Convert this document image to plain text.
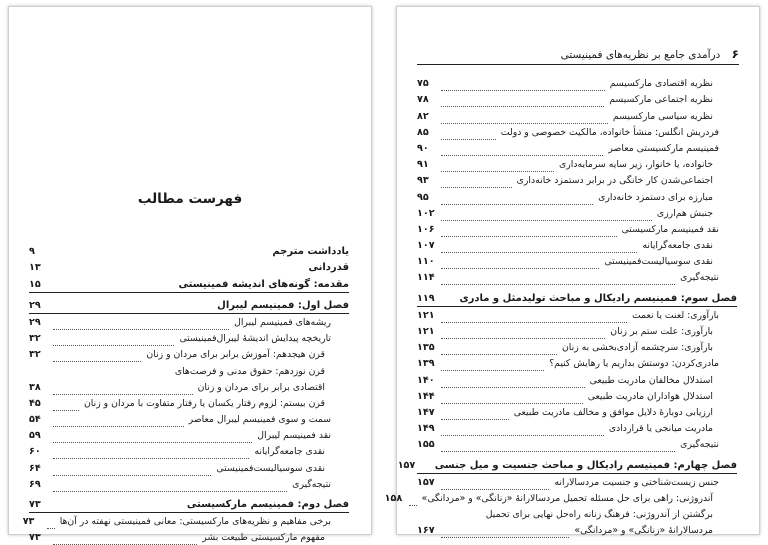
فهرست مطالب
یادداشت مترجم
۹
قدردانی
۱۳
مقدمه: گونه‌های اندیشه فمینیستی
۱۵
فصل اول: فمینیسم لیبرال
۲۹
ریشه‌های فمینیسم لیبرال
۲۹
تاریخچه پیدایش اندیشهٔ لیبرال‌فمینیستی
۳۲
قرن هیجدهم: آموزش برابر برای مردان و زنان
۳۲
قرن نوزدهم: حقوق مدنی و فرصت‌های
اقتصادی برابر برای مردان و زنان
۳۸
قرن بیستم: لزوم رفتار یکسان یا رفتار متفاوت با مردان و زنان
۴۵
سمت و سوی فمینیسم لیبرال معاصر
۵۴
نقد فمینیسم لیبرال
۵۹
نقدی جامعه‌گرایانه
۶۰
نقدی سوسیالیست‌فمینیستی
۶۴
نتیجه‌گیری
۶۹
فصل دوم: فمینیسم مارکسیستی
۷۳
برخی مفاهیم و نظریه‌های مارکسیستی: معانی فمینیستی نهفته در آن‌ها
۷۳
مفهوم مارکسیستی طبیعت بشر
۷۳
۶ درآمدی جامع بر نظریه‌های فمینیستی
نظریه اقتصادی مارکسیسم
۷۵
نظریه اجتماعی مارکسیسم
۷۸
نظریه سیاسی مارکسیسم
۸۲
فردریش انگلس: منشأ خانواده، مالکیت خصوصی و دولت
۸۵
فمینیسم مارکسیستی معاصر
۹۰
خانواده، یا خانوار، زیر سایه سرمایه‌داری
۹۱
اجتماعی‌شدن کار خانگی در برابر دستمزد خانه‌داری
۹۳
مبارزه برای دستمزد خانه‌داری
۹۵
جنبش هم‌ارزی
۱۰۲
نقد فمینیسم مارکسیستی
۱۰۶
نقدی جامعه‌گرایانه
۱۰۷
نقدی سوسیالیست‌فمینیستی
۱۱۰
نتیجه‌گیری
۱۱۴
فصل سوم: فمینیسم رادیکال و مباحث تولیدمثل و مادری
۱۱۹
بارآوری: لعنت یا نعمت
۱۲۱
بارآوری: علت ستم بر زنان
۱۲۱
بارآوری: سرچشمه آزادی‌بخشی به زنان
۱۳۵
مادری‌کردن: دوستش بداریم یا رهایش کنیم؟
۱۳۹
استدلال مخالفان مادریت طبیعی
۱۴۰
استدلال هواداران مادریت طبیعی
۱۴۴
ارزیابی دوبارهٔ دلایل موافق و مخالف مادریت طبیعی
۱۴۷
مادریت میانجی یا قراردادی
۱۴۹
نتیجه‌گیری
۱۵۵
فصل چهارم: فمینیسم رادیکال و مباحث جنسیت و میل جنسی
۱۵۷
جنس زیست‌شناختی و جنسیت مردسالارانه
۱۵۷
آندروژنی: راهی برای حل مسئله تحمیل مردسالارانهٔ «زنانگی» و «مردانگی»
۱۵۸
برگشتن از آندروژنی: فرهنگ زنانه راه‌حل نهایی برای تحمیل
مردسالارانهٔ «زنانگی» و «مردانگی»
۱۶۷
